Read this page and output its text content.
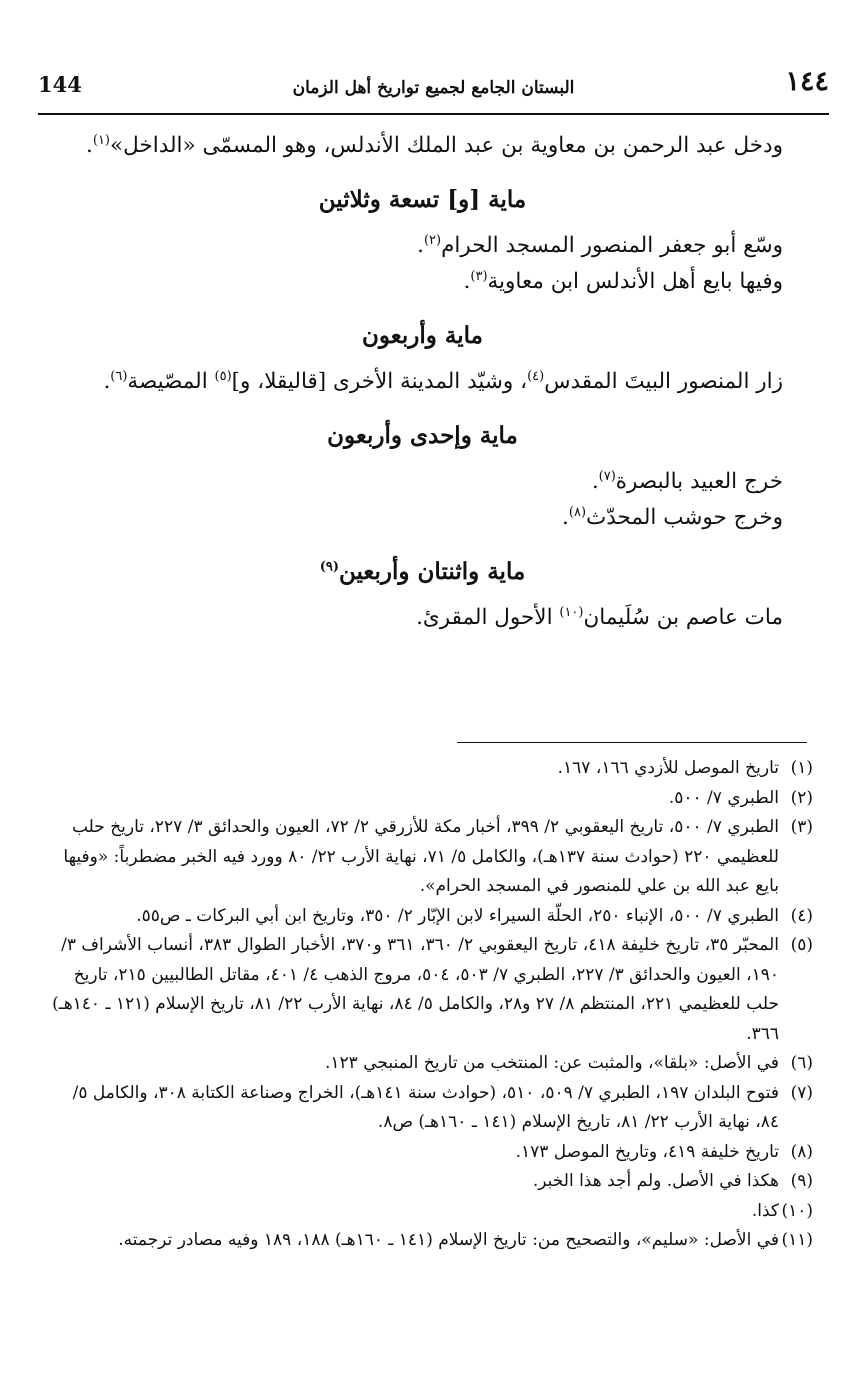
144	البستان الجامع لجميع تواريخ أهل الزمان	١٤٤

ودخل عبد الرحمن بن معاوية بن عبد الملك الأندلس، وهو المسمّى «الداخل»$^{(١)}$.

ماية [و] تسعة وثلاثين

وسّع أبو جعفر المنصور المسجد الحرام$^{(٢)}$.

وفيها بايع أهل الأندلس ابن معاوية$^{(٣)}$.

ماية وأربعون

زار المنصور البيتَ المقدس$^{(٤)}$، وشيّد المدينة الأخرى [قاليقلا، و]$^{(٥)}$ المصّيصة$^{(٦)}$.

ماية وإحدى وأربعون

خرج العبيد بالبصرة$^{(٧)}$.

وخرج حوشب المحدّث$^{(٨)}$.

ماية واثنتان وأربعين$^{(٩)}$

مات عاصم بن سُلَيمان$^{(١٠)}$ الأحول المقرئ.

(١)
تاريخ الموصل للأزدي ١٦٦، ١٦٧.

(٢)
الطبري ٧/ ٥٠٠.

(٣)
الطبري ٧/ ٥٠٠، تاريخ اليعقوبي ٢/ ٣٩٩، أخبار مكة للأزرقي ٢/ ٧٢، العيون والحدائق ٣/ ٢٢٧، تاريخ حلب للعظيمي ٢٢٠ (حوادث سنة ١٣٧هـ)، والكامل ٥/ ٧١، نهاية الأرب ٢٢/ ٨٠ وورد فيه الخبر مضطرباً: «وفيها بايع عبد الله بن علي للمنصور في المسجد الحرام».

(٤)
الطبري ٧/ ٥٠٠، الإنباء ٢٥٠، الحلّة السيراء لابن الإبّار ٢/ ٣٥٠، وتاريخ ابن أبي البركات ـ ص٥٥.

(٥)
المحبّر ٣٥، تاريخ خليفة ٤١٨، تاريخ اليعقوبي ٢/ ٣٦٠، ٣٦١ و٣٧٠، الأخبار الطوال ٣٨٣، أنساب الأشراف ٣/ ١٩٠، العيون والحدائق ٣/ ٢٢٧، الطبري ٧/ ٥٠٣، ٥٠٤، مروج الذهب ٤/ ٤٠١، مقاتل الطالبيين ٢١٥، تاريخ حلب للعظيمي ٢٢١، المنتظم ٨/ ٢٧ و٢٨، والكامل ٥/ ٨٤، نهاية الأرب ٢٢/ ٨١، تاريخ الإسلام (١٢١ ـ ١٤٠هـ) ٣٦٦.

(٦)
في الأصل: «بلقا»، والمثبت عن: المنتخب من تاريخ المنبجي ١٢٣.

(٧)
فتوح البلدان ١٩٧، الطبري ٧/ ٥٠٩، ٥١٠، (حوادث سنة ١٤١هـ)، الخراج وصناعة الكتابة ٣٠٨، والكامل ٥/ ٨٤، نهاية الأرب ٢٢/ ٨١، تاريخ الإسلام (١٤١ ـ ١٦٠هـ) ص٨.

(٨)
تاريخ خليفة ٤١٩، وتاريخ الموصل ١٧٣.

(٩)
هكذا في الأصل. ولم أجد هذا الخبر.

(١٠)
كذا.

(١١)
في الأصل: «سليم»، والتصحيح من: تاريخ الإسلام (١٤١ ـ ١٦٠هـ) ١٨٨، ١٨٩ وفيه مصادر ترجمته.
